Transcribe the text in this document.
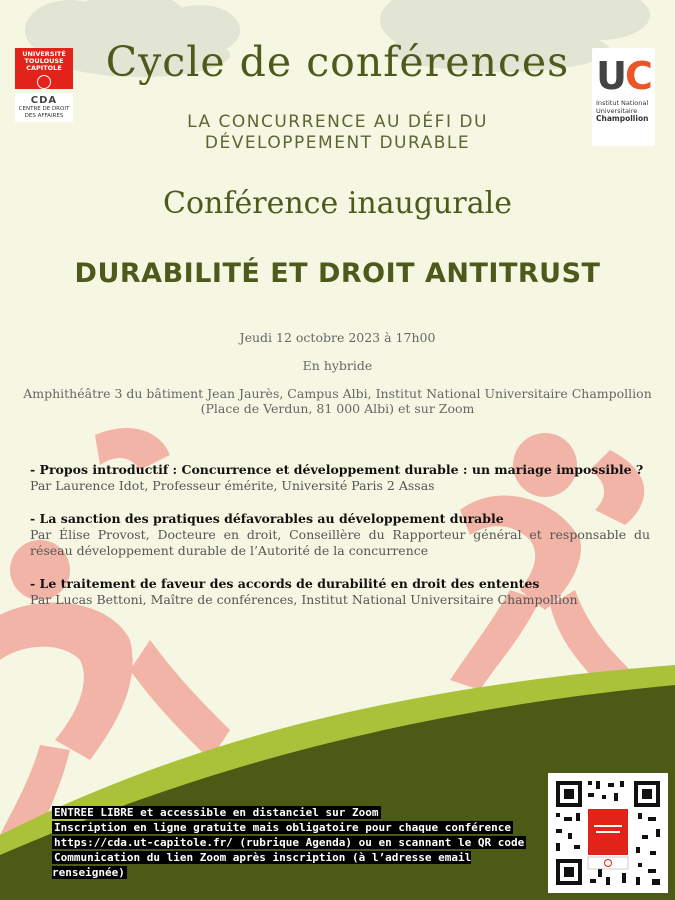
UNIVERSITÉ TOULOUSE CAPITOLE
CDA
CENTRE DE DROIT DES AFFAIRES
UC
Institut National
Universitaire
Champollion
Cycle de conférences
LA CONCURRENCE AU DÉFI DU DÉVELOPPEMENT DURABLE
Conférence inaugurale
DURABILITÉ ET DROIT ANTITRUST
Jeudi 12 octobre 2023 à 17h00
En hybride
Amphithéâtre 3 du bâtiment Jean Jaurès, Campus Albi, Institut National Universitaire Champollion (Place de Verdun, 81 000 Albi) et sur Zoom
- Propos introductif : Concurrence et développement durable : un mariage impossible ?
Par Laurence Idot, Professeur émérite, Université Paris 2 Assas
- La sanction des pratiques défavorables au développement durable
Par Élise Provost, Docteure en droit, Conseillère du Rapporteur général et responsable du réseau développement durable de l’Autorité de la concurrence
- Le traitement de faveur des accords de durabilité en droit des ententes
Par Lucas Bettoni, Maître de conférences, Institut National Universitaire Champollion
ENTREE LIBRE et accessible en distanciel sur Zoom
Inscription en ligne gratuite mais obligatoire pour chaque conférence
https://cda.ut-capitole.fr/ (rubrique Agenda) ou en scannant le QR code
Communication du lien Zoom après inscription (à l’adresse email renseignée)
